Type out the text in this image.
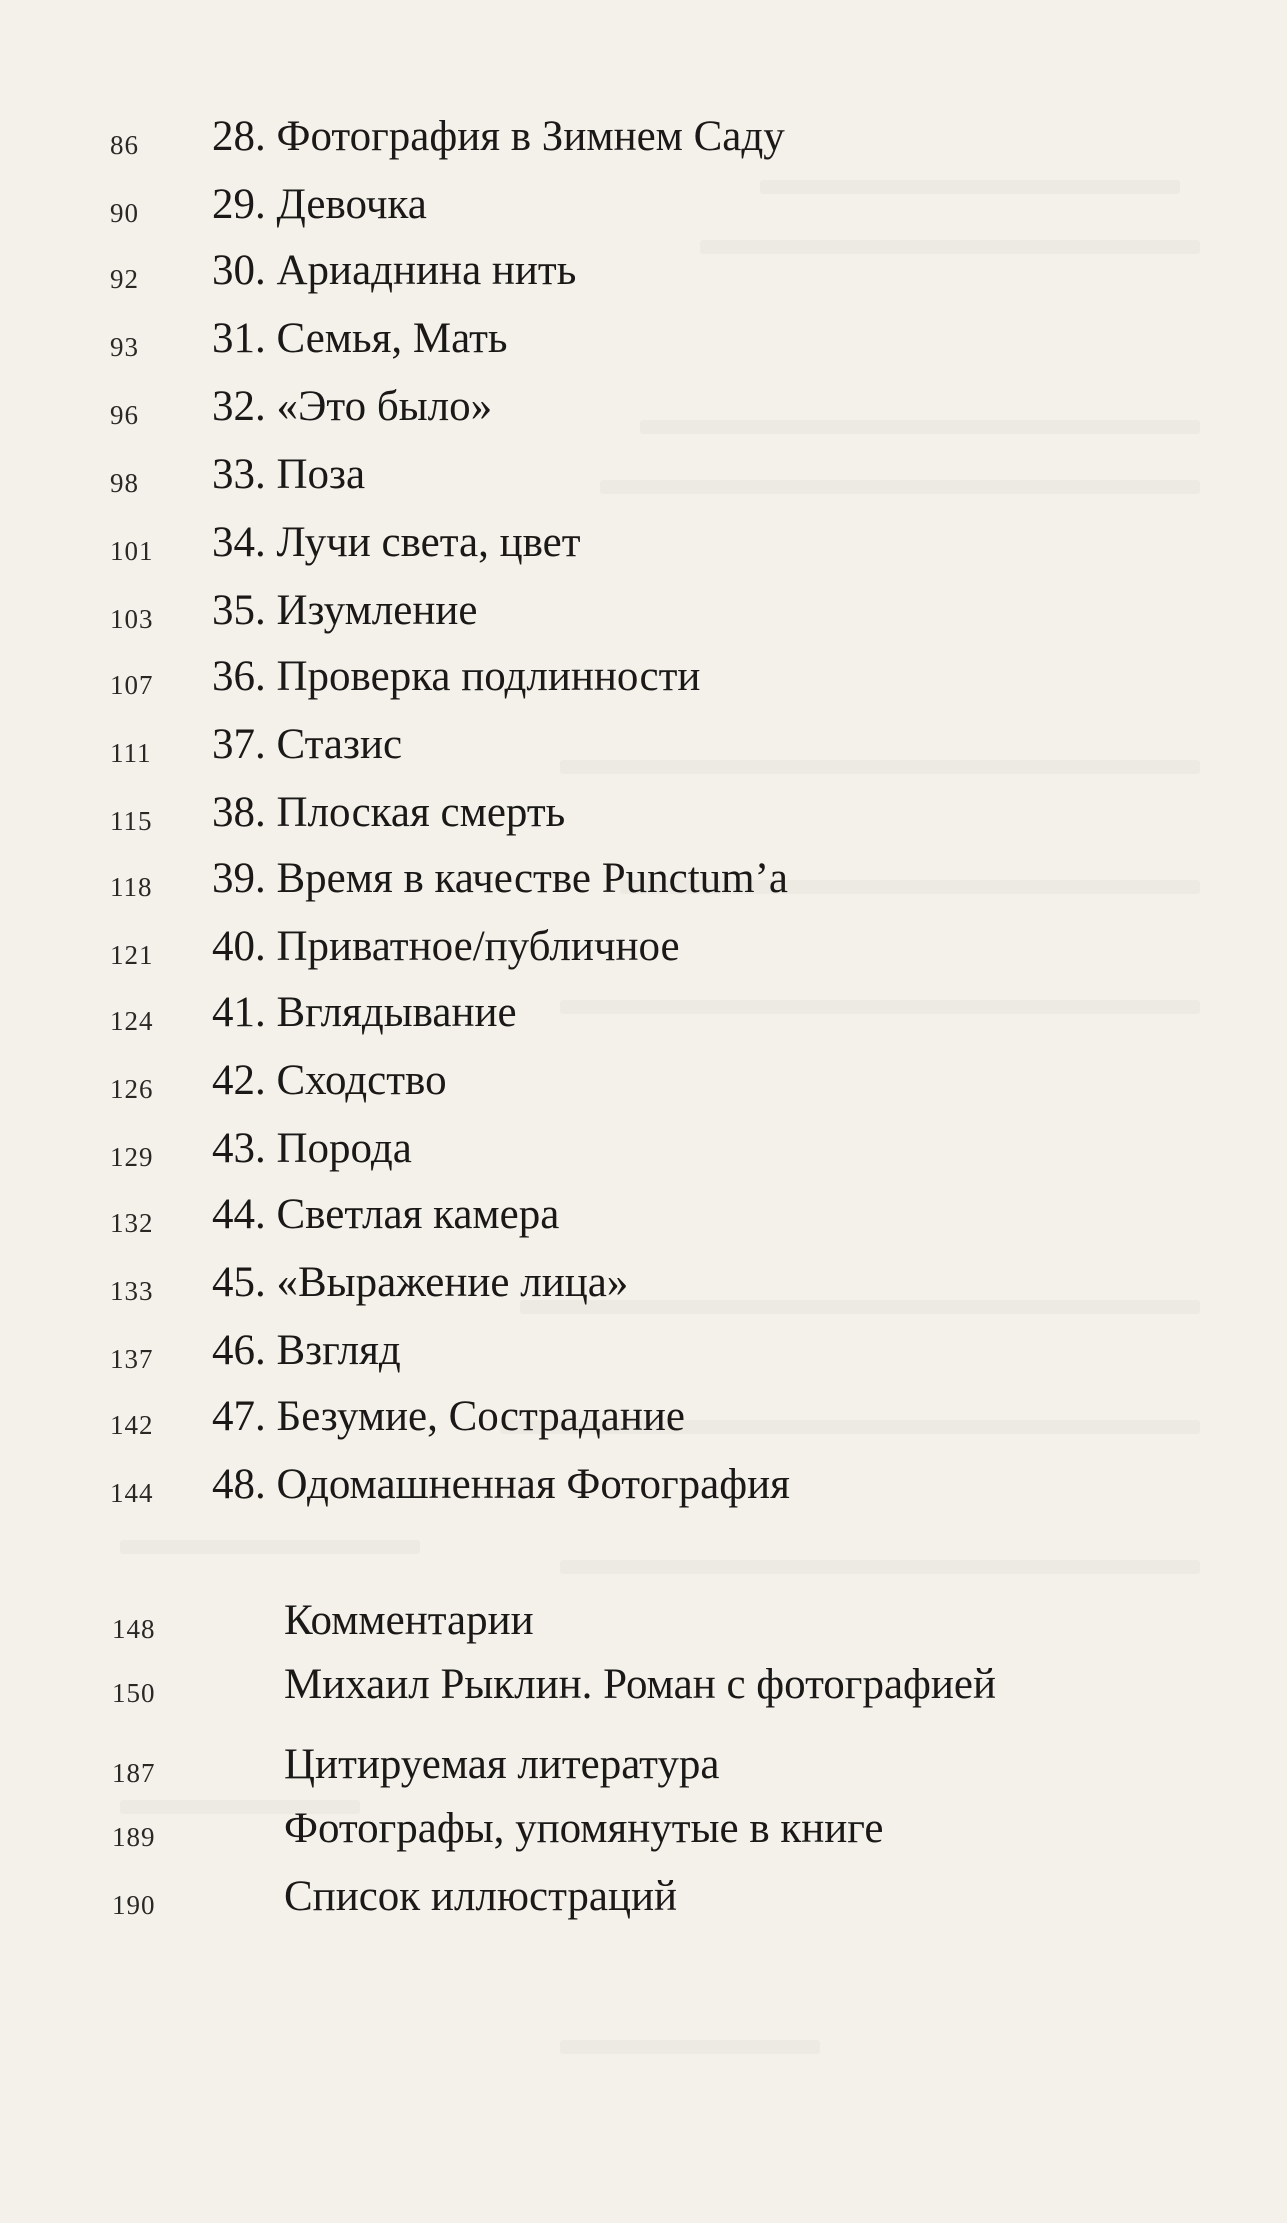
86 28. Фотография в Зимнем Саду
90 29. Девочка
92 30. Ариаднина нить
93 31. Семья, Мать
96 32. «Это было»
98 33. Поза
101 34. Лучи света, цвет
103 35. Изумление
107 36. Проверка подлинности
111 37. Стазис
115 38. Плоская смерть
118 39. Время в качестве Punctum’a
121 40. Приватное/публичное
124 41. Вглядывание
126 42. Сходство
129 43. Порода
132 44. Светлая камера
133 45. «Выражение лица»
137 46. Взгляд
142 47. Безумие, Сострадание
144 48. Одомашненная Фотография
148	Комментарии
150	Михаил Рыклин. Роман с фотографией
187	Цитируемая литература
189	Фотографы, упомянутые в книге
190	Список иллюстраций
